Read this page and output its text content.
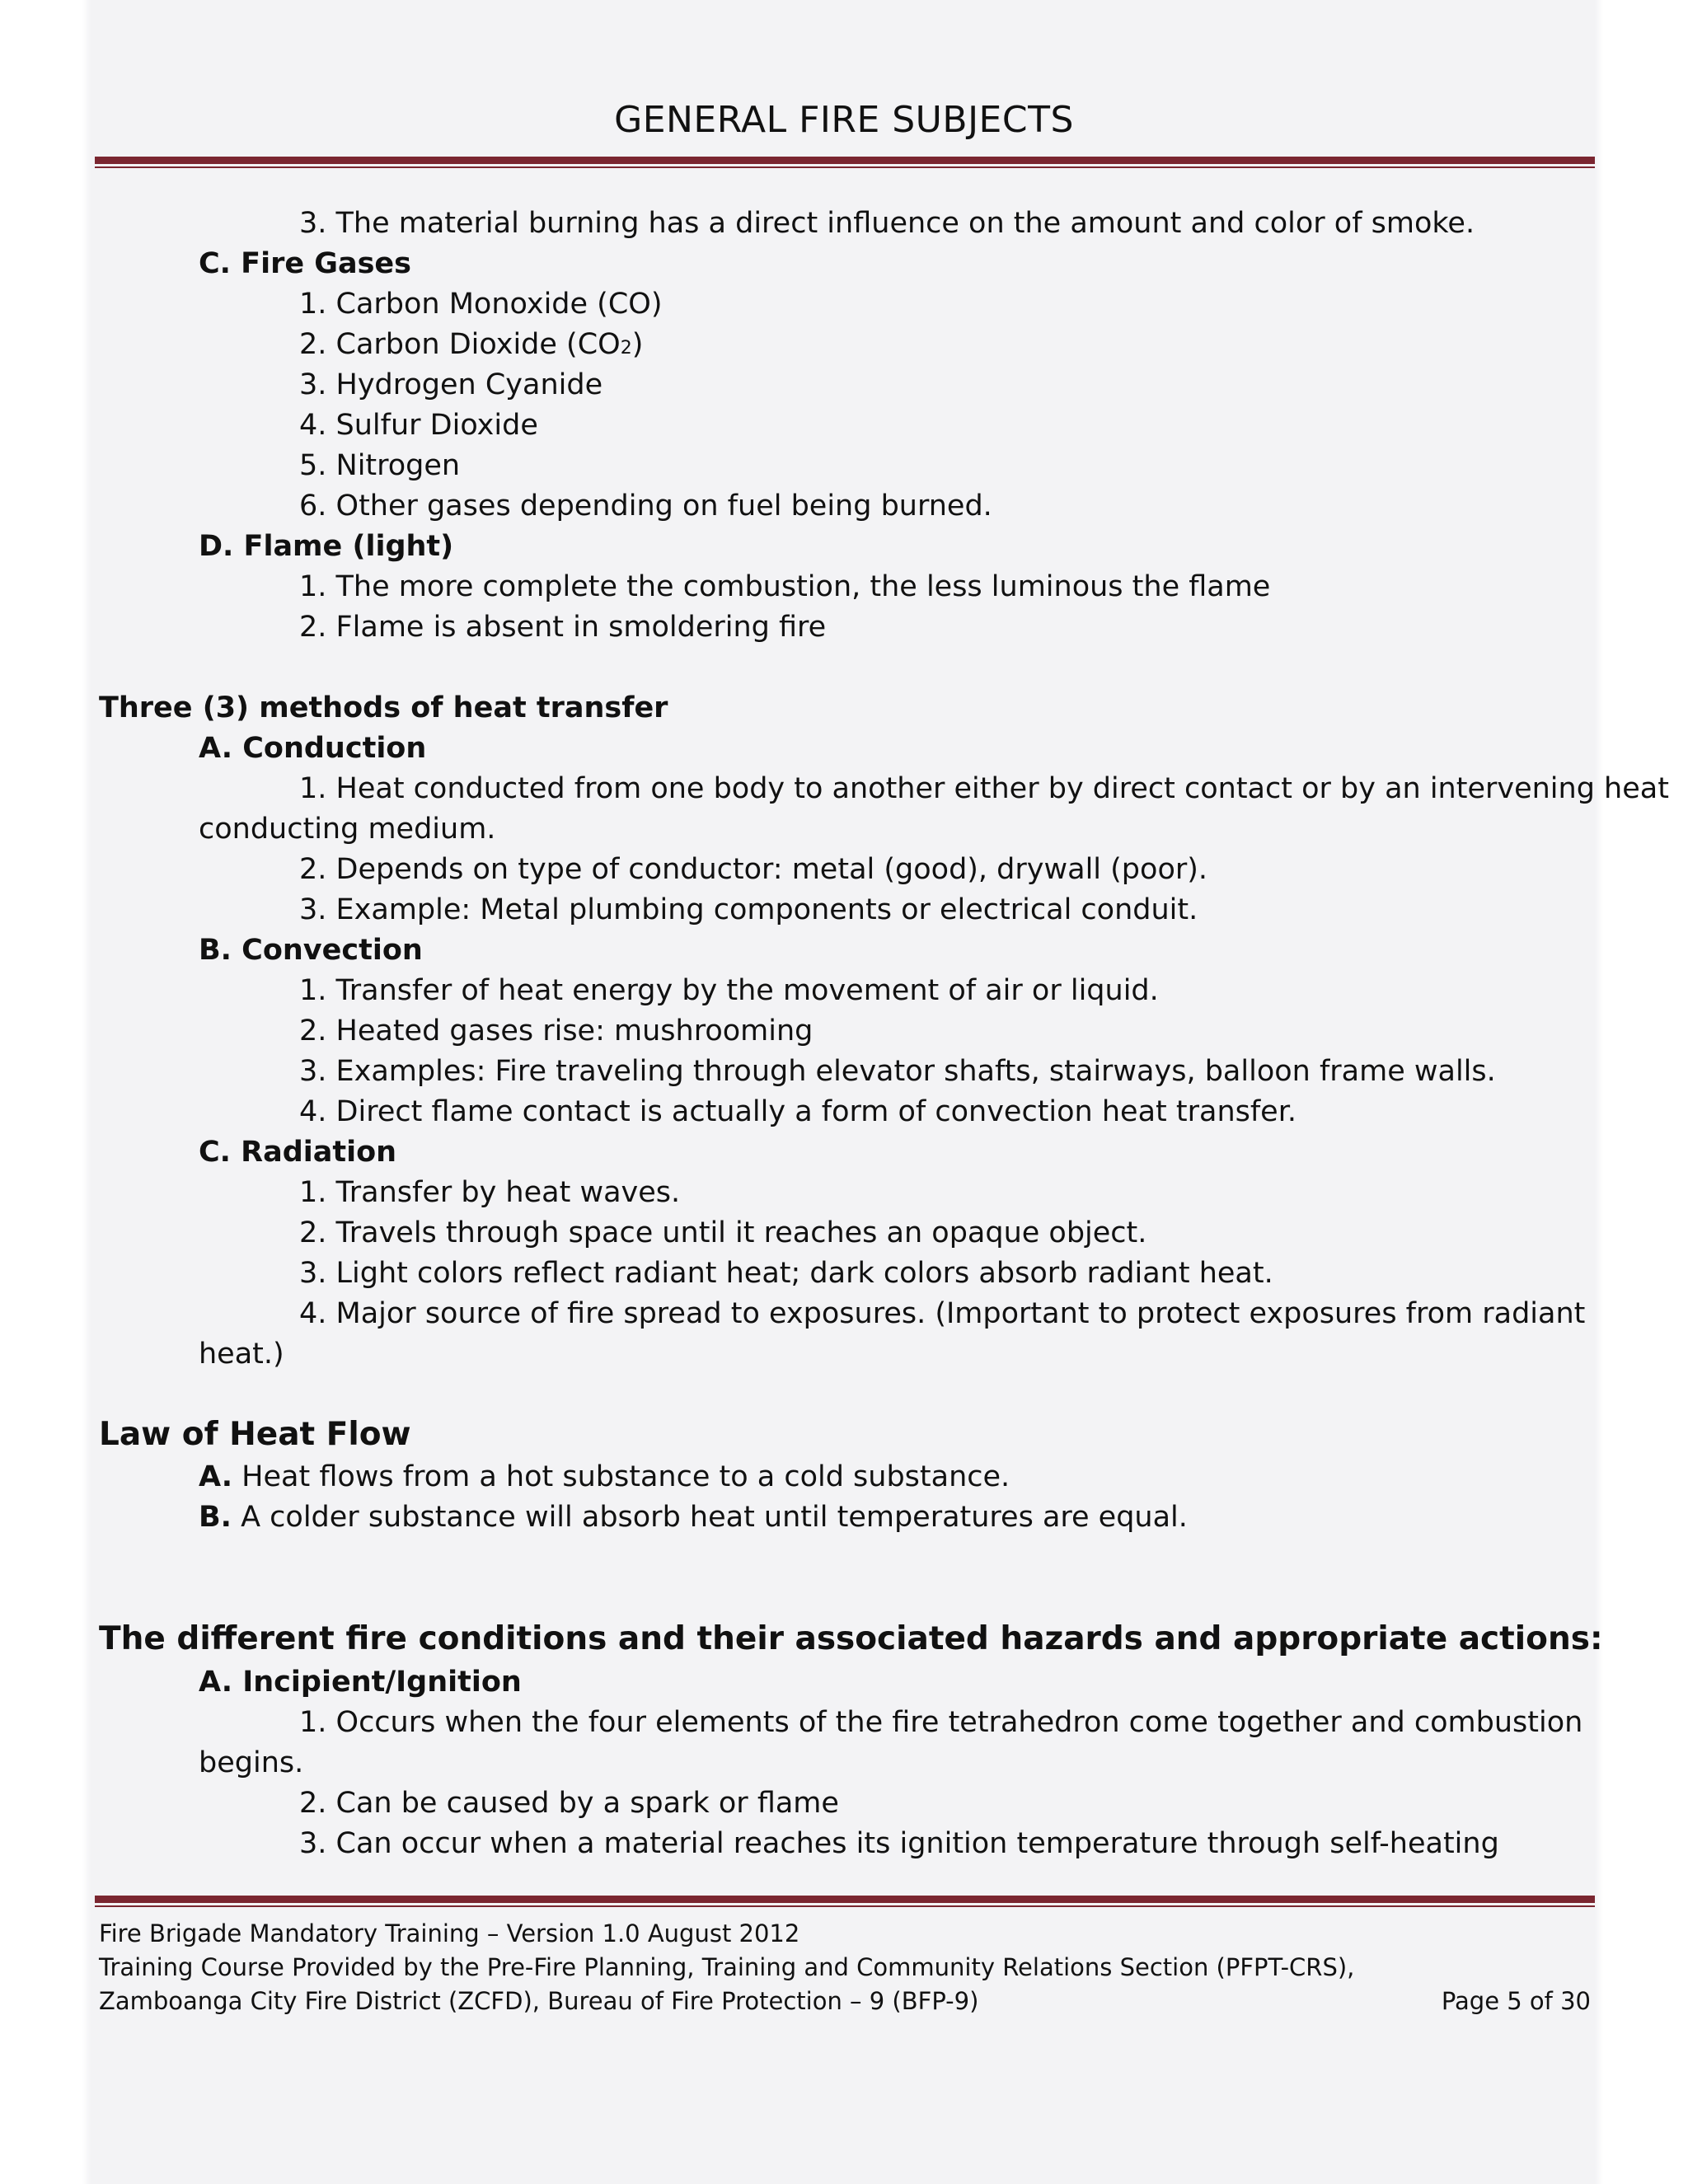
GENERAL FIRE SUBJECTS
3. The material burning has a direct influence on the amount and color of smoke.
C. Fire Gases
1. Carbon Monoxide (CO)
2. Carbon Dioxide (CO2)
3. Hydrogen Cyanide
4. Sulfur Dioxide
5. Nitrogen
6. Other gases depending on fuel being burned.
D. Flame (light)
1. The more complete the combustion, the less luminous the flame
2. Flame is absent in smoldering fire
Three (3) methods of heat transfer
A. Conduction
1. Heat conducted from one body to another either by direct contact or by an intervening heat
conducting medium.
2. Depends on type of conductor: metal (good), drywall (poor).
3. Example: Metal plumbing components or electrical conduit.
B. Convection
1. Transfer of heat energy by the movement of air or liquid.
2. Heated gases rise: mushrooming
3. Examples: Fire traveling through elevator shafts, stairways, balloon frame walls.
4. Direct flame contact is actually a form of convection heat transfer.
C. Radiation
1. Transfer by heat waves.
2. Travels through space until it reaches an opaque object.
3. Light colors reflect radiant heat; dark colors absorb radiant heat.
4. Major source of fire spread to exposures. (Important to protect exposures from radiant
heat.)
Law of Heat Flow
A. Heat flows from a hot substance to a cold substance.
B. A colder substance will absorb heat until temperatures are equal.
The different fire conditions and their associated hazards and appropriate actions:
A. Incipient/Ignition
1. Occurs when the four elements of the fire tetrahedron come together and combustion
begins.
2. Can be caused by a spark or flame
3. Can occur when a material reaches its ignition temperature through self-heating
Fire Brigade Mandatory Training – Version 1.0 August 2012
Training Course Provided by the Pre-Fire Planning, Training and Community Relations Section (PFPT-CRS),
Zamboanga City Fire District (ZCFD), Bureau of Fire Protection – 9 (BFP-9)	Page 5 of 30
